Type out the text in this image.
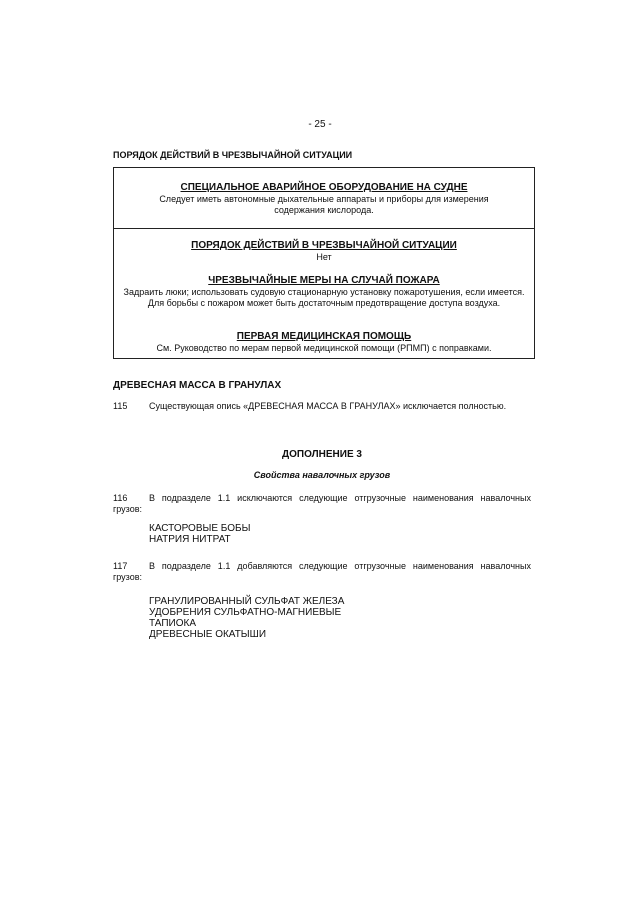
- 25 -
ПОРЯДОК ДЕЙСТВИЙ В ЧРЕЗВЫЧАЙНОЙ СИТУАЦИИ
СПЕЦИАЛЬНОЕ АВАРИЙНОЕ ОБОРУДОВАНИЕ НА СУДНЕ
Следует иметь автономные дыхательные аппараты и приборы для измерения содержания кислорода.
ПОРЯДОК ДЕЙСТВИЙ В ЧРЕЗВЫЧАЙНОЙ СИТУАЦИИ
Нет
ЧРЕЗВЫЧАЙНЫЕ МЕРЫ НА СЛУЧАЙ ПОЖАРА
Задраить люки; использовать судовую стационарную установку пожаротушения, если имеется. Для борьбы с пожаром может быть достаточным предотвращение доступа воздуха.
ПЕРВАЯ МЕДИЦИНСКАЯ ПОМОЩЬ
См. Руководство по мерам первой медицинской помощи (РПМП) с поправками.
ДРЕВЕСНАЯ МАССА В ГРАНУЛАХ
115 Существующая опись «ДРЕВЕСНАЯ МАССА В ГРАНУЛАХ» исключается полностью.
ДОПОЛНЕНИЕ 3
Свойства навалочных грузов
116 В подразделе 1.1 исключаются следующие отгрузочные наименования навалочных грузов:
КАСТОРОВЫЕ БОБЫ
НАТРИЯ НИТРАТ
117 В подразделе 1.1 добавляются следующие отгрузочные наименования навалочных грузов:
ГРАНУЛИРОВАННЫЙ СУЛЬФАТ ЖЕЛЕЗА
УДОБРЕНИЯ СУЛЬФАТНО-МАГНИЕВЫЕ
ТАПИОКА
ДРЕВЕСНЫЕ ОКАТЫШИ
